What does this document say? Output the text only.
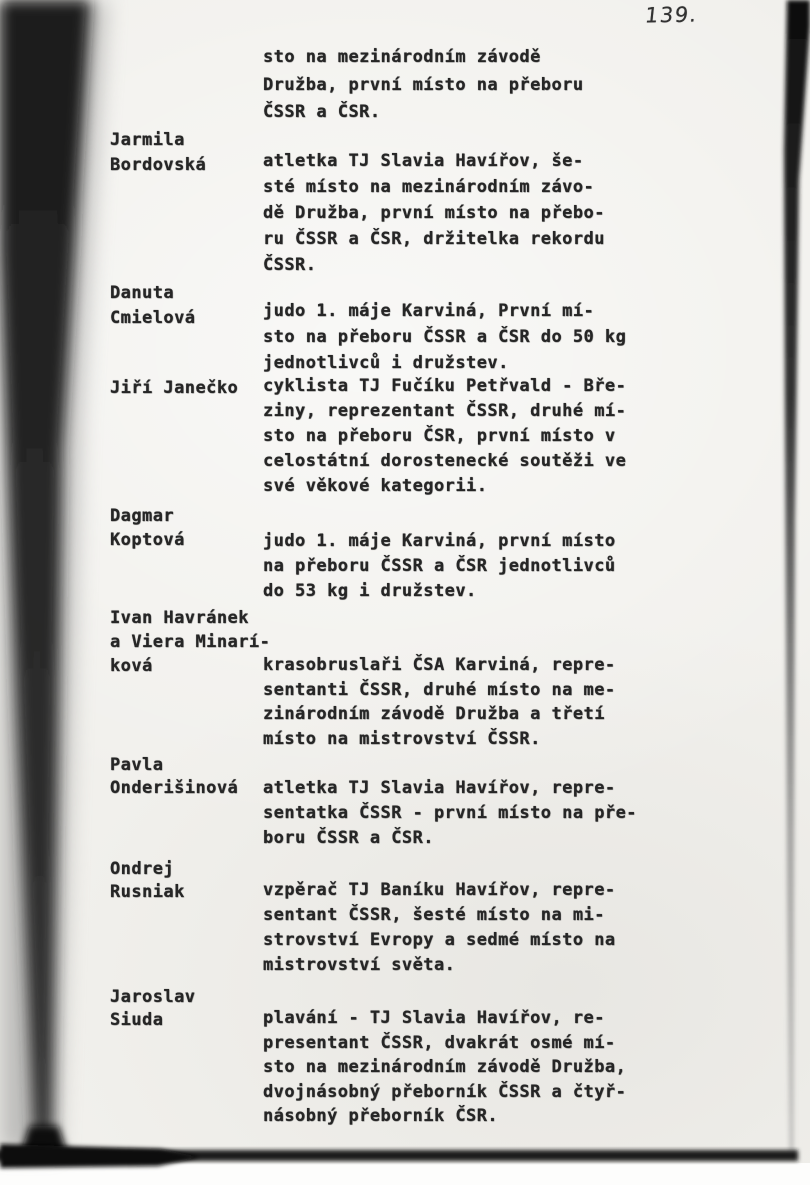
139.
sto na mezinárodním závodě
Družba, první místo na přeboru
ČSSR a ČSR.
Jarmila
Bordovská	atletka TJ Slavia Havířov, še-
sté místo na mezinárodním závo-
dě Družba, první místo na přebo-
ru ČSSR a ČSR, držitelka rekordu
ČSSR.
Danuta
Cmielová	judo 1. máje Karviná, První mí-
sto na přeboru ČSSR a ČSR do 50 kg
jednotlivců i družstev.
Jiří Janečko	cyklista TJ Fučíku Petřvald - Bře-
ziny, reprezentant ČSSR, druhé mí-
sto na přeboru ČSR, první místo v
celostátní dorostenecké soutěži ve
své věkové kategorii.
Dagmar
Koptová	judo 1. máje Karviná, první místo
na přeboru ČSSR a ČSR jednotlivců
do 53 kg i družstev.
Ivan Havránek
a Viera Minarí-
ková	krasobruslaři ČSA Karviná, repre-
sentanti ČSSR, druhé místo na me-
zinárodním závodě Družba a třetí
místo na mistrovství ČSSR.
Pavla
Onderišinová	atletka TJ Slavia Havířov, repre-
sentatka ČSSR - první místo na pře-
boru ČSSR a ČSR.
Ondrej
Rusniak	vzpěrač TJ Baníku Havířov, repre-
sentant ČSSR, šesté místo na mi-
strovství Evropy a sedmé místo na
mistrovství světa.
Jaroslav
Siuda	plavání - TJ Slavia Havířov, re-
presentant ČSSR, dvakrát osmé mí-
sto na mezinárodním závodě Družba,
dvojnásobný přeborník ČSSR a čtyř-
násobný přeborník ČSR.
